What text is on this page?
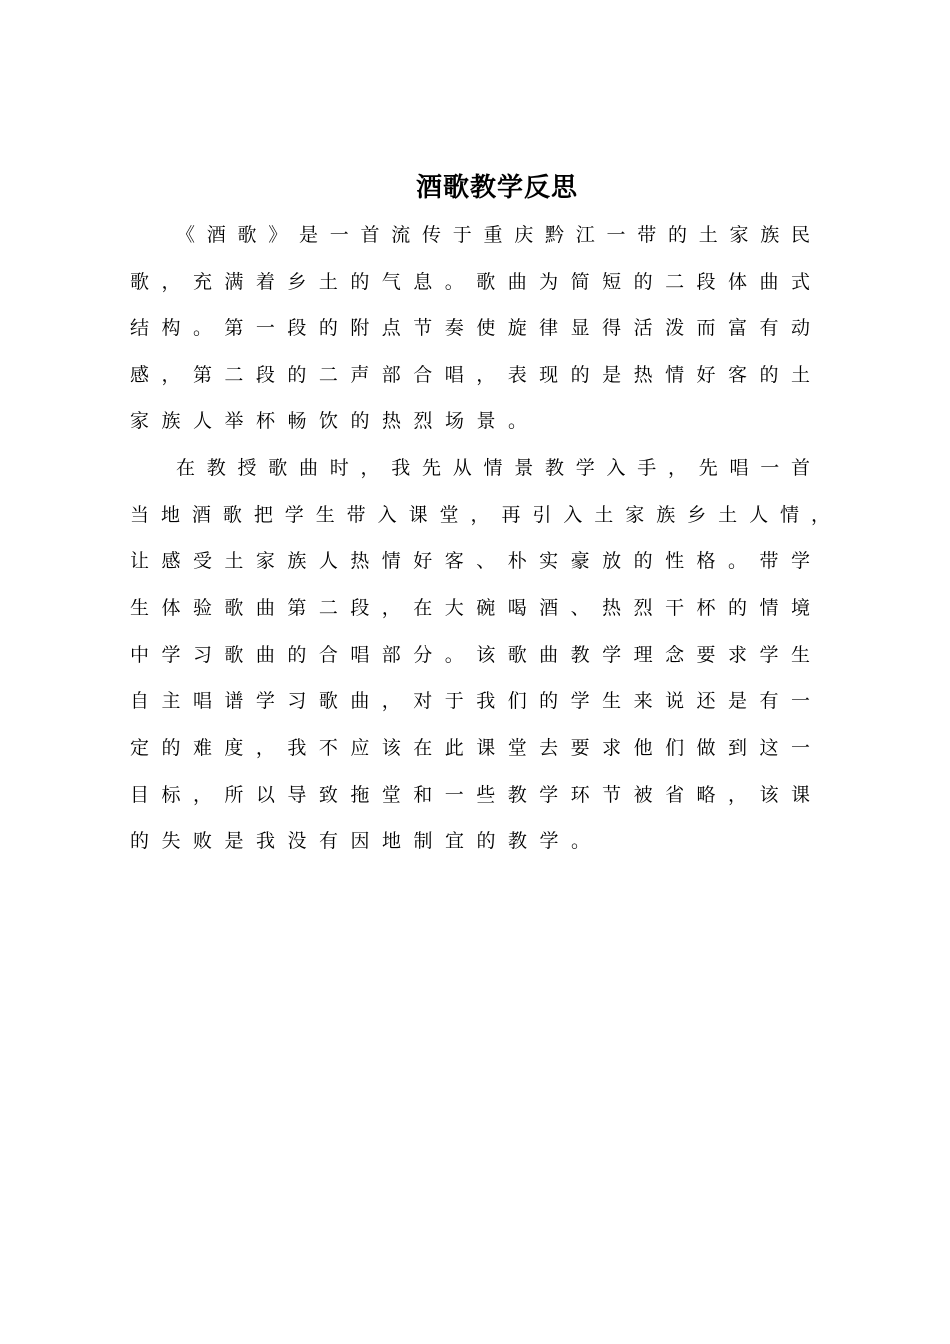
酒歌教学反思
《酒歌》是一首流传于重庆黔江一带的土家族民
歌，充满着乡土的气息。歌曲为简短的二段体曲式
结构。第一段的附点节奏使旋律显得活泼而富有动
感，第二段的二声部合唱，表现的是热情好客的土
家族人举杯畅饮的热烈场景。
在教授歌曲时，我先从情景教学入手，先唱一首
当地酒歌把学生带入课堂，再引入土家族乡土人情，
让感受土家族人热情好客、朴实豪放的性格。带学
生体验歌曲第二段，在大碗喝酒、热烈干杯的情境
中学习歌曲的合唱部分。该歌曲教学理念要求学生
自主唱谱学习歌曲，对于我们的学生来说还是有一
定的难度，我不应该在此课堂去要求他们做到这一
目标，所以导致拖堂和一些教学环节被省略，该课
的失败是我没有因地制宜的教学。
